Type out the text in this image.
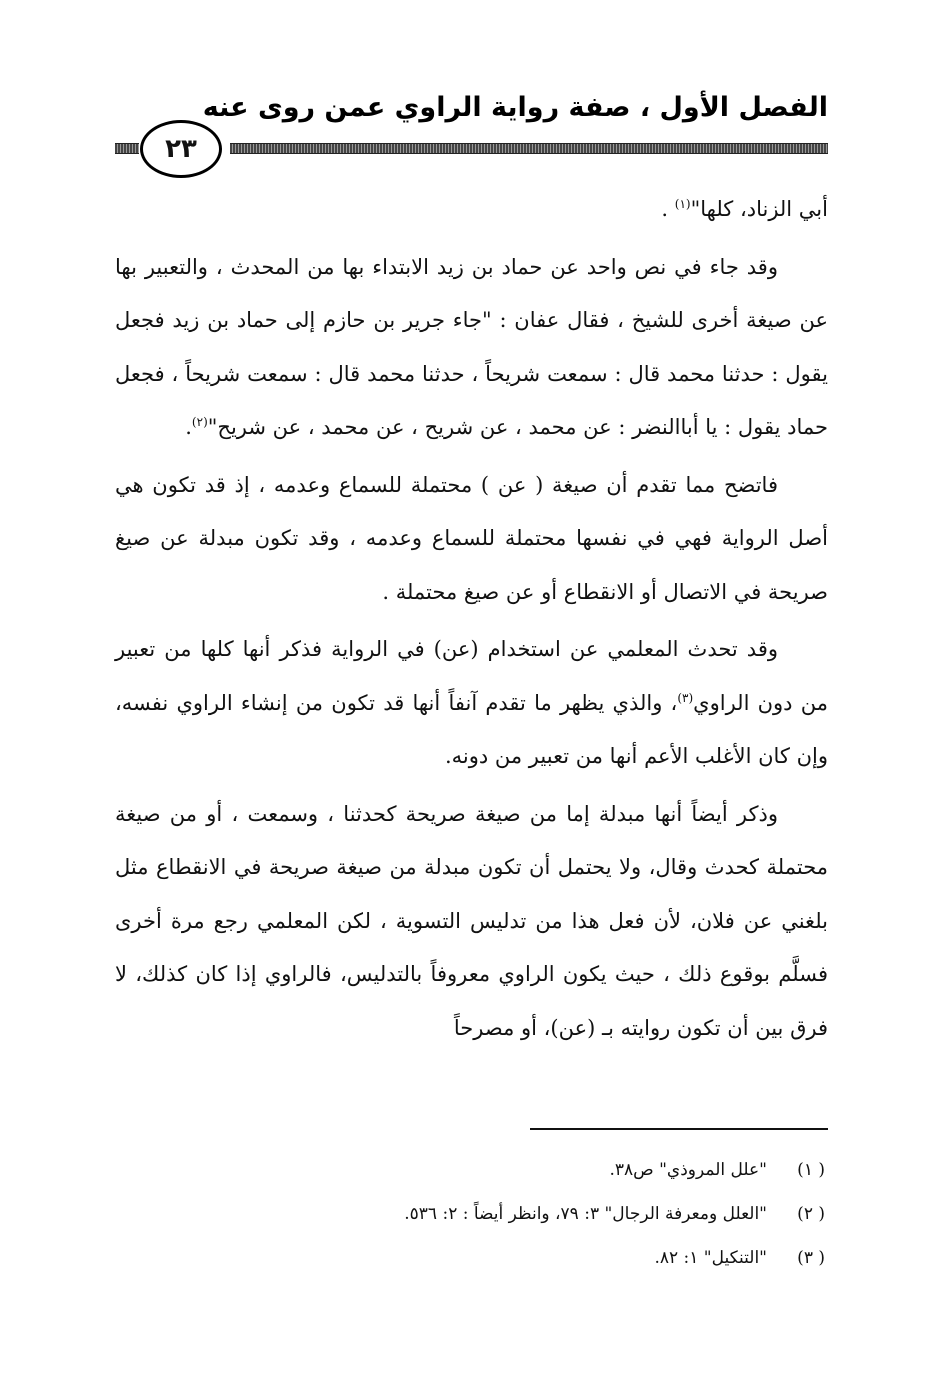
الفصل الأول ، صفة رواية الراوي عمن روى عنه
٢٣

أبي الزناد، كلها"$^{(١)}$ .

وقد جاء في نص واحد عن حماد بن زيد الابتداء بها من المحدث ، والتعبير بها عن صيغة أخرى للشيخ ، فقال عفان : "جاء جرير بن حازم إلى حماد بن زيد فجعل يقول : حدثنا محمد قال : سمعت شريحاً ، حدثنا محمد قال : سمعت شريحاً ، فجعل حماد يقول : يا أباالنضر : عن محمد ، عن شريح ، عن محمد ، عن شريح"$^{(٢)}$.

فاتضح مما تقدم أن صيغة ( عن ) محتملة للسماع وعدمه ، إذ قد تكون هي أصل الرواية فهي في نفسها محتملة للسماع وعدمه ، وقد تكون مبدلة عن صيغ صريحة في الاتصال أو الانقطاع أو عن صيغ محتملة .

وقد تحدث المعلمي عن استخدام (عن) في الرواية فذكر أنها كلها من تعبير من دون الراوي$^{(٣)}$، والذي يظهر ما تقدم آنفاً أنها قد تكون من إنشاء الراوي نفسه، وإن كان الأغلب الأعم أنها من تعبير من دونه.

وذكر أيضاً أنها مبدلة إما من صيغة صريحة كحدثنا ، وسمعت ، أو من صيغة محتملة كحدث وقال، ولا يحتمل أن تكون مبدلة من صيغة صريحة في الانقطاع مثل بلغني عن فلان، لأن فعل هذا من تدليس التسوية ، لكن المعلمي رجع مرة أخرى فسلَّم بوقوع ذلك ، حيث يكون الراوي معروفاً بالتدليس، فالراوي إذا كان كذلك، لا فرق بين أن تكون روايته بـ (عن)، أو مصرحاً

( ١)
"علل المروذي" ص٣٨.
( ٢)
"العلل ومعرفة الرجال" ٣: ٧٩، وانظر أيضاً : ٢: ٥٣٦.
( ٣)
"التنكيل" ١: ٨٢.
